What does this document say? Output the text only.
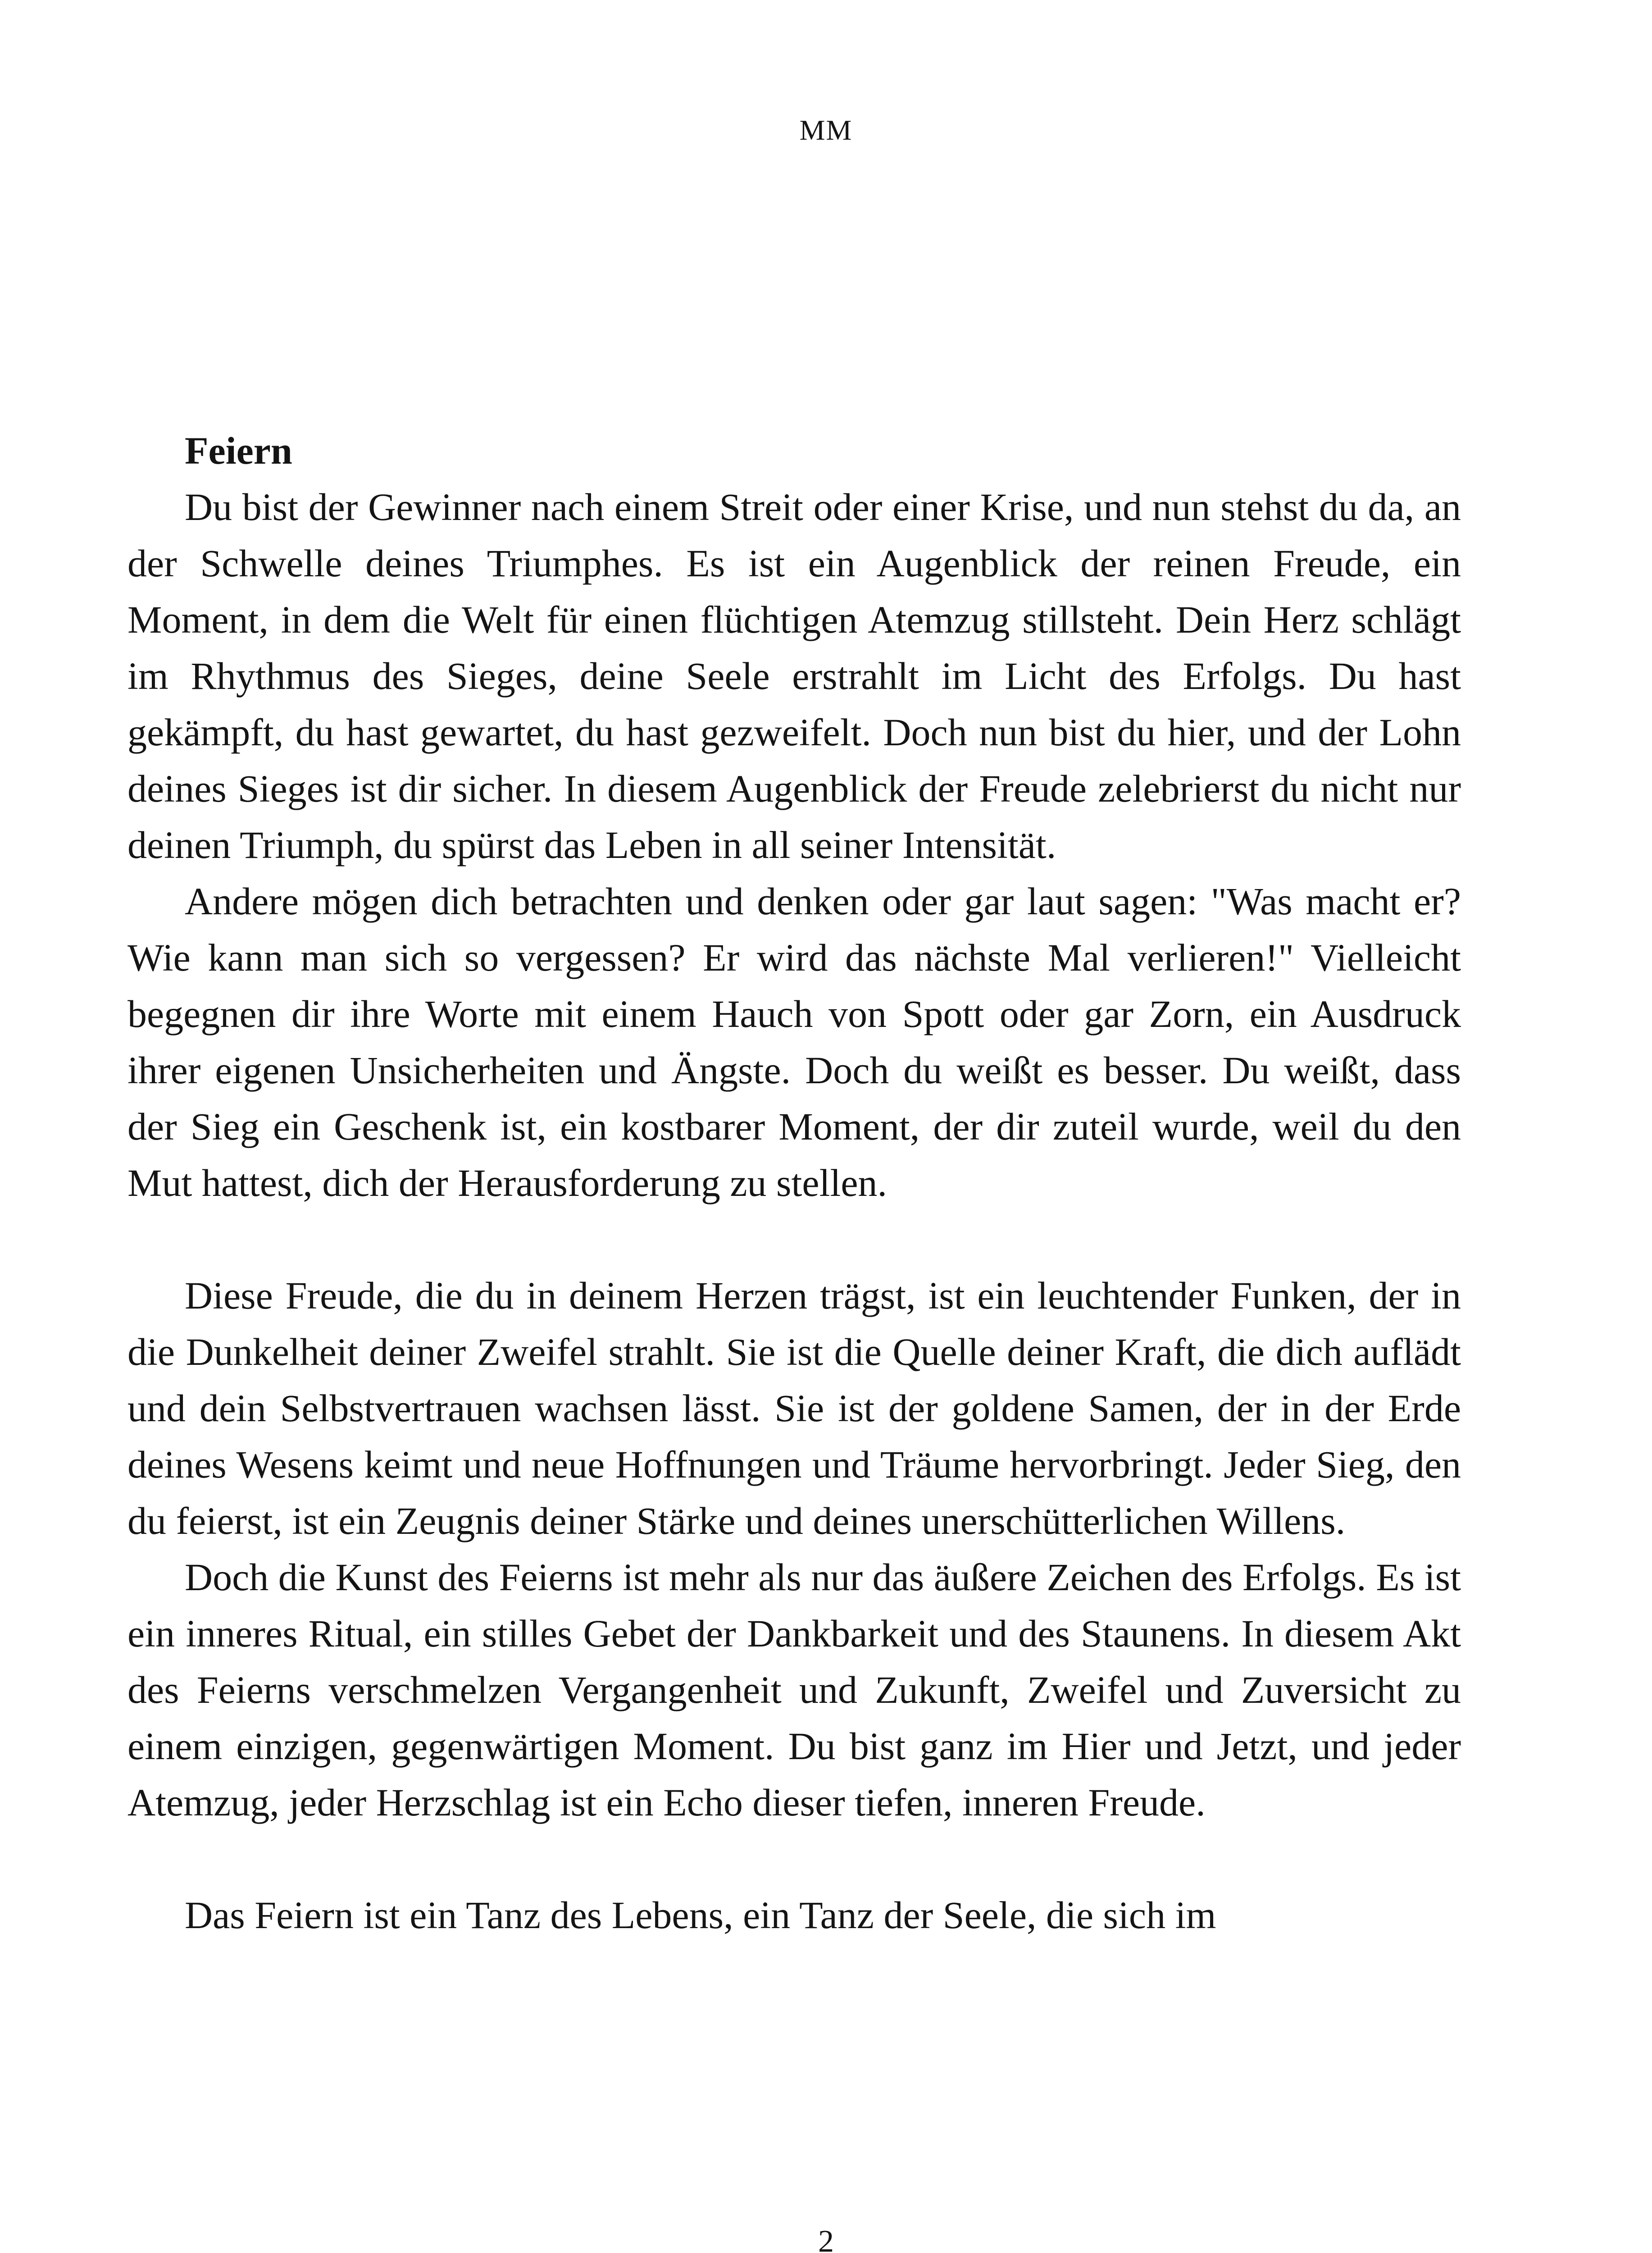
MM

Feiern

Du bist der Gewinner nach einem Streit oder einer Krise, und nun stehst du da, an der Schwelle deines Triumphes. Es ist ein Augenblick der reinen Freude, ein Moment, in dem die Welt für einen flüchtigen Atemzug stillsteht. Dein Herz schlägt im Rhythmus des Sieges, deine Seele erstrahlt im Licht des Erfolgs. Du hast gekämpft, du hast gewartet, du hast gezweifelt. Doch nun bist du hier, und der Lohn deines Sieges ist dir sicher. In diesem Augenblick der Freude zelebrierst du nicht nur deinen Triumph, du spürst das Leben in all seiner Intensität.

Andere mögen dich betrachten und denken oder gar laut sagen: "Was macht er? Wie kann man sich so vergessen? Er wird das nächste Mal verlieren!" Vielleicht begegnen dir ihre Worte mit einem Hauch von Spott oder gar Zorn, ein Ausdruck ihrer eigenen Unsicherheiten und Ängste. Doch du weißt es besser. Du weißt, dass der Sieg ein Geschenk ist, ein kostbarer Moment, der dir zuteil wurde, weil du den Mut hattest, dich der Herausforderung zu stellen.

Diese Freude, die du in deinem Herzen trägst, ist ein leuchtender Funken, der in die Dunkelheit deiner Zweifel strahlt. Sie ist die Quelle deiner Kraft, die dich auflädt und dein Selbstvertrauen wachsen lässt. Sie ist der goldene Samen, der in der Erde deines Wesens keimt und neue Hoffnungen und Träume hervorbringt. Jeder Sieg, den du feierst, ist ein Zeugnis deiner Stärke und deines unerschütterlichen Willens.

Doch die Kunst des Feierns ist mehr als nur das äußere Zeichen des Erfolgs. Es ist ein inneres Ritual, ein stilles Gebet der Dankbarkeit und des Staunens. In diesem Akt des Feierns verschmelzen Vergangenheit und Zukunft, Zweifel und Zuversicht zu einem einzigen, gegenwärtigen Moment. Du bist ganz im Hier und Jetzt, und jeder Atemzug, jeder Herzschlag ist ein Echo dieser tiefen, inneren Freude.

Das Feiern ist ein Tanz des Lebens, ein Tanz der Seele, die sich im

2
